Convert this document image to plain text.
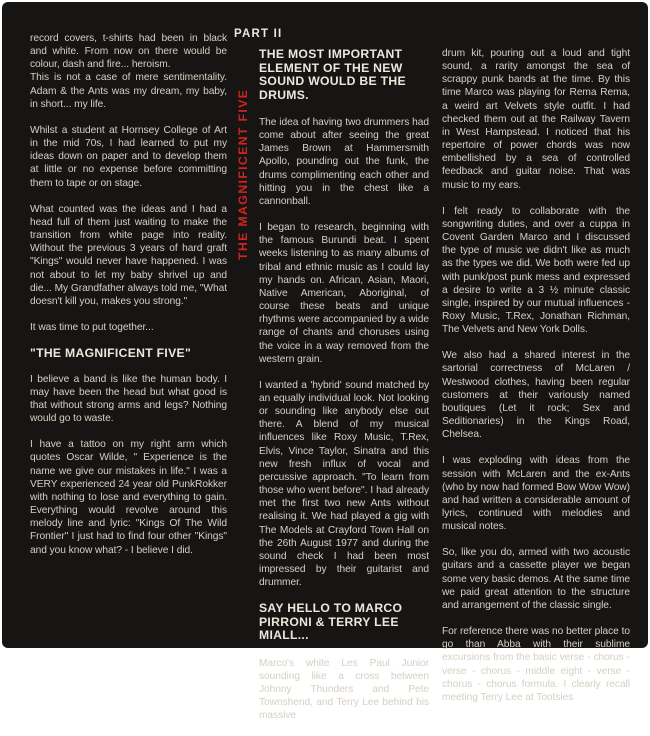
record covers, t-shirts had been in black and white. From now on there would be colour, dash and fire... heroism.
This is not a case of mere sentimentality. Adam & the Ants was my dream, my baby, in short... my life.

Whilst a student at Hornsey College of Art in the mid 70s, I had learned to put my ideas down on paper and to develop them at little or no expense before committing them to tape or on stage.

What counted was the ideas and I had a head full of them just waiting to make the transition from white page into reality. Without the previous 3 years of hard graft "Kings" would never have happened. I was not about to let my baby shrivel up and die... My Grandfather always told me, "What doesn't kill you, makes you strong."

It was time to put together...

"THE MAGNIFICENT FIVE"

I believe a band is like the human body. I may have been the head but what good is that without strong arms and legs? Nothing would go to waste.

I have a tattoo on my right arm which quotes Oscar Wilde, " Experience is the name we give our mistakes in life." I was a VERY experienced 24 year old PunkRokker with nothing to lose and everything to gain. Everything would revolve around this melody line and lyric: "Kings Of The Wild Frontier" I just had to find four other "Kings" and you know what? - I believe I did.

PART II
THE MAGNIFICENT FIVE

THE MOST IMPORTANT ELEMENT OF THE NEW SOUND WOULD BE THE DRUMS.

The idea of having two drummers had come about after seeing the great James Brown at Hammersmith Apollo, pounding out the funk, the drums complimenting each other and hitting you in the chest like a cannonball.

I began to research, beginning with the famous Burundi beat. I spent weeks listening to as many albums of tribal and ethnic music as I could lay my hands on. African, Asian, Maori, Native American, Aboriginal, of course these beats and unique rhythms were accompanied by a wide range of chants and choruses using the voice in a way removed from the western grain.

I wanted a 'hybrid' sound matched by an equally individual look. Not looking or sounding like anybody else out there. A blend of my musical influences like Roxy Music, T.Rex, Elvis, Vince Taylor, Sinatra and this new fresh influx of vocal and percussive approach. "To learn from those who went before". I had already met the first two new Ants without realising it. We had played a gig with The Models at Crayford Town Hall on the 26th August 1977 and during the sound check I had been most impressed by their guitarist and drummer.

SAY HELLO TO MARCO PIRRONI & TERRY LEE MIALL...

Marco's white Les Paul Junior sounding like a cross between Johnny Thunders and Pete Townshend, and Terry Lee behind his massive

drum kit, pouring out a loud and tight sound, a rarity amongst the sea of scrappy punk bands at the time. By this time Marco was playing for Rema Rema, a weird art Velvets style outfit. I had checked them out at the Railway Tavern in West Hampstead. I noticed that his repertoire of power chords was now embellished by a sea of controlled feedback and guitar noise. That was music to my ears.

I felt ready to collaborate with the songwriting duties, and over a cuppa in Covent Garden Marco and I discussed the type of music we didn't like as much as the types we did. We both were fed up with punk/post punk mess and expressed a desire to write a 3 ½ minute classic single, inspired by our mutual influences - Roxy Music, T.Rex, Jonathan Richman, The Velvets and New York Dolls.

We also had a shared interest in the sartorial correctness of McLaren / Westwood clothes, having been regular customers at their variously named boutiques (Let it rock; Sex and Seditionaries) in the Kings Road, Chelsea.

I was exploding with ideas from the session with McLaren and the ex-Ants (who by now had formed Bow Wow Wow) and had written a considerable amount of lyrics, continued with melodies and musical notes.

So, like you do, armed with two acoustic guitars and a cassette player we began some very basic demos. At the same time we paid great attention to the structure and arrangement of the classic single.

For reference there was no better place to go than Abba with their sublime excursions from the basic verse - chorus - verse - chorus - middle eight - verse - chorus - chorus formula. I clearly recall meeting Terry Lee at Tootsies
